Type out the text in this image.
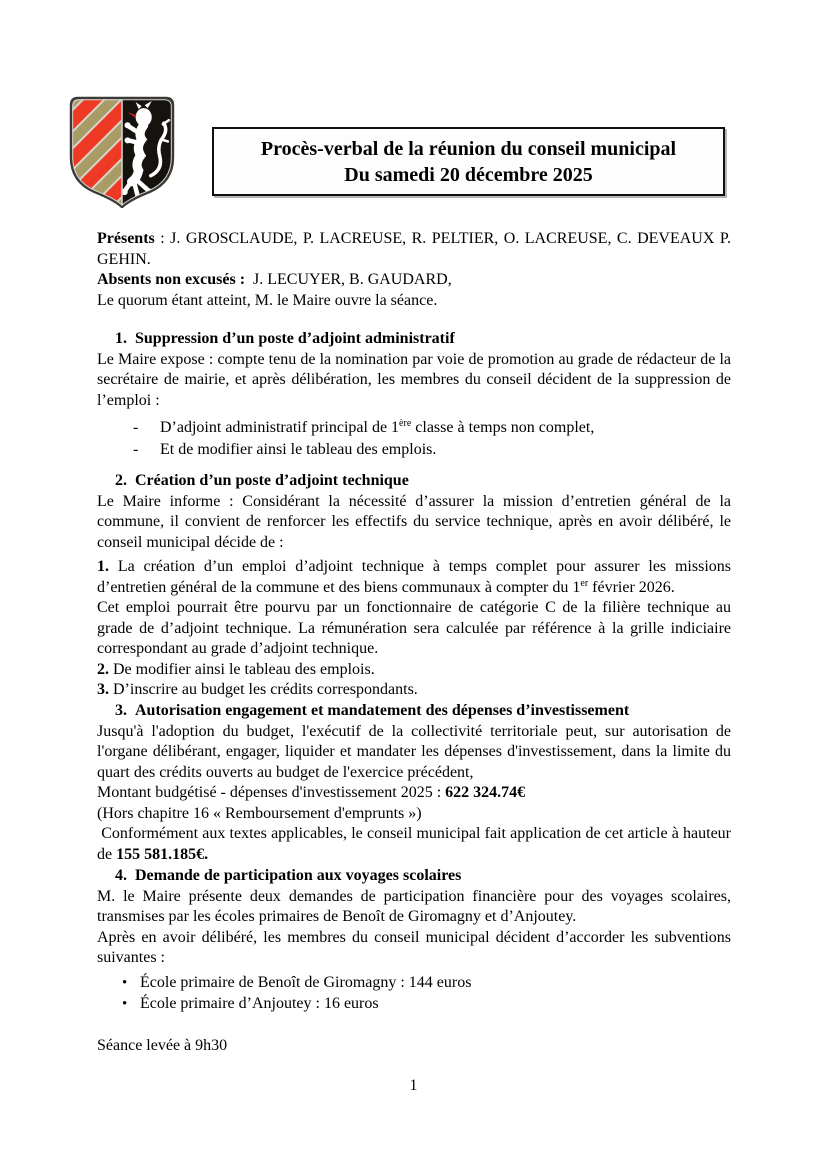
Procès-verbal de la réunion du conseil municipal
Du samedi 20 décembre 2025

Présents : J. GROSCLAUDE, P. LACREUSE, R. PELTIER, O. LACREUSE, C. DEVEAUX P. GEHIN.

Absents non excusés :  J. LECUYER, B. GAUDARD,

Le quorum étant atteint, M. le Maire ouvre la séance.

1. Suppression d’un poste d’adjoint administratif

Le Maire expose : compte tenu de la nomination par voie de promotion au grade de rédacteur de la secrétaire de mairie, et après délibération, les membres du conseil décident de la suppression de l’emploi :

-	D’adjoint administratif principal de 1ère classe à temps non complet,
-	Et de modifier ainsi le tableau des emplois.

2. Création d’un poste d’adjoint technique

Le Maire informe : Considérant la nécessité d’assurer la mission d’entretien général de la commune, il convient de renforcer les effectifs du service technique, après en avoir délibéré, le conseil municipal décide de :

1. La création d’un emploi d’adjoint technique à temps complet pour assurer les missions d’entretien général de la commune et des biens communaux à compter du 1er février 2026.

Cet emploi pourrait être pourvu par un fonctionnaire de catégorie C de la filière technique au grade de d’adjoint technique. La rémunération sera calculée par référence à la grille indiciaire correspondant au grade d’adjoint technique.

2. De modifier ainsi le tableau des emplois.

3. D’inscrire au budget les crédits correspondants.

3. Autorisation engagement et mandatement des dépenses d’investissement

Jusqu'à l'adoption du budget, l'exécutif de la collectivité territoriale peut, sur autorisation de l'organe délibérant, engager, liquider et mandater les dépenses d'investissement, dans la limite du quart des crédits ouverts au budget de l'exercice précédent,

Montant budgétisé - dépenses d'investissement 2025 : 622 324.74€

(Hors chapitre 16 « Remboursement d'emprunts »)

Conformément aux textes applicables, le conseil municipal fait application de cet article à hauteur de 155 581.185€.

4. Demande de participation aux voyages scolaires

M. le Maire présente deux demandes de participation financière pour des voyages scolaires, transmises par les écoles primaires de Benoît de Giromagny et d’Anjoutey.

Après en avoir délibéré, les membres du conseil municipal décident d’accorder les subventions suivantes :

• École primaire de Benoît de Giromagny : 144 euros
• École primaire d’Anjoutey : 16 euros

Séance levée à 9h30

1
